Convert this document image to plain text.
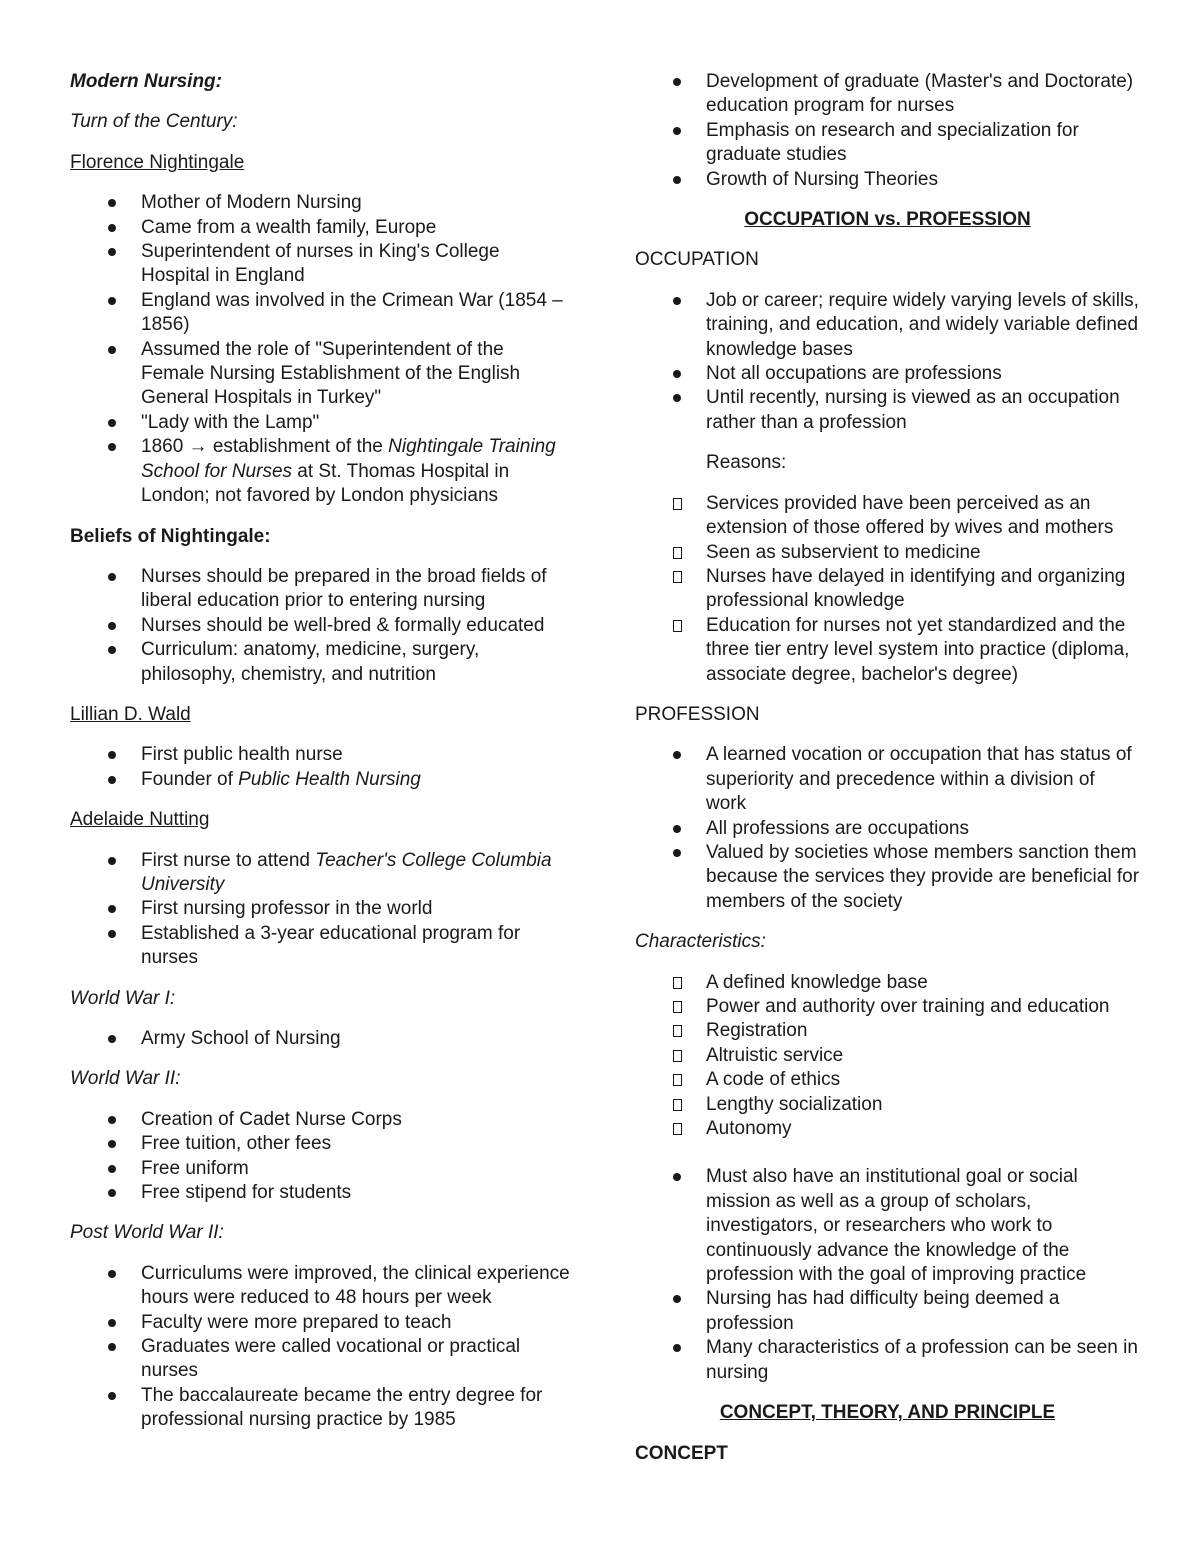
Modern Nursing:

Turn of the Century:

Florence Nightingale

Mother of Modern Nursing
Came from a wealth family, Europe
Superintendent of nurses in King's College Hospital in England
England was involved in the Crimean War (1854 – 1856)
Assumed the role of "Superintendent of the Female Nursing Establishment of the English General Hospitals in Turkey"
"Lady with the Lamp"
1860 → establishment of the Nightingale Training School for Nurses at St. Thomas Hospital in London; not favored by London physicians

Beliefs of Nightingale:

Nurses should be prepared in the broad fields of liberal education prior to entering nursing
Nurses should be well-bred & formally educated
Curriculum: anatomy, medicine, surgery, philosophy, chemistry, and nutrition

Lillian D. Wald

First public health nurse
Founder of Public Health Nursing

Adelaide Nutting

First nurse to attend Teacher's College Columbia University
First nursing professor in the world
Established a 3-year educational program for nurses

World War I:

Army School of Nursing

World War II:

Creation of Cadet Nurse Corps
Free tuition, other fees
Free uniform
Free stipend for students

Post World War II:

Curriculums were improved, the clinical experience hours were reduced to 48 hours per week
Faculty were more prepared to teach
Graduates were called vocational or practical nurses
The baccalaureate became the entry degree for professional nursing practice by 1985
Development of graduate (Master's and Doctorate) education program for nurses
Emphasis on research and specialization for graduate studies
Growth of Nursing Theories

OCCUPATION vs. PROFESSION

OCCUPATION

Job or career; require widely varying levels of skills, training, and education, and widely variable defined knowledge bases
Not all occupations are professions
Until recently, nursing is viewed as an occupation rather than a profession

Reasons:

Services provided have been perceived as an extension of those offered by wives and mothers
Seen as subservient to medicine
Nurses have delayed in identifying and organizing professional knowledge
Education for nurses not yet standardized and the three tier entry level system into practice (diploma, associate degree, bachelor's degree)

PROFESSION

A learned vocation or occupation that has status of superiority and precedence within a division of work
All professions are occupations
Valued by societies whose members sanction them because the services they provide are beneficial for members of the society

Characteristics:

A defined knowledge base
Power and authority over training and education
Registration
Altruistic service
A code of ethics
Lengthy socialization
Autonomy
Must also have an institutional goal or social mission as well as a group of scholars, investigators, or researchers who work to continuously advance the knowledge of the profession with the goal of improving practice
Nursing has had difficulty being deemed a profession
Many characteristics of a profession can be seen in nursing

CONCEPT, THEORY, AND PRINCIPLE

CONCEPT
